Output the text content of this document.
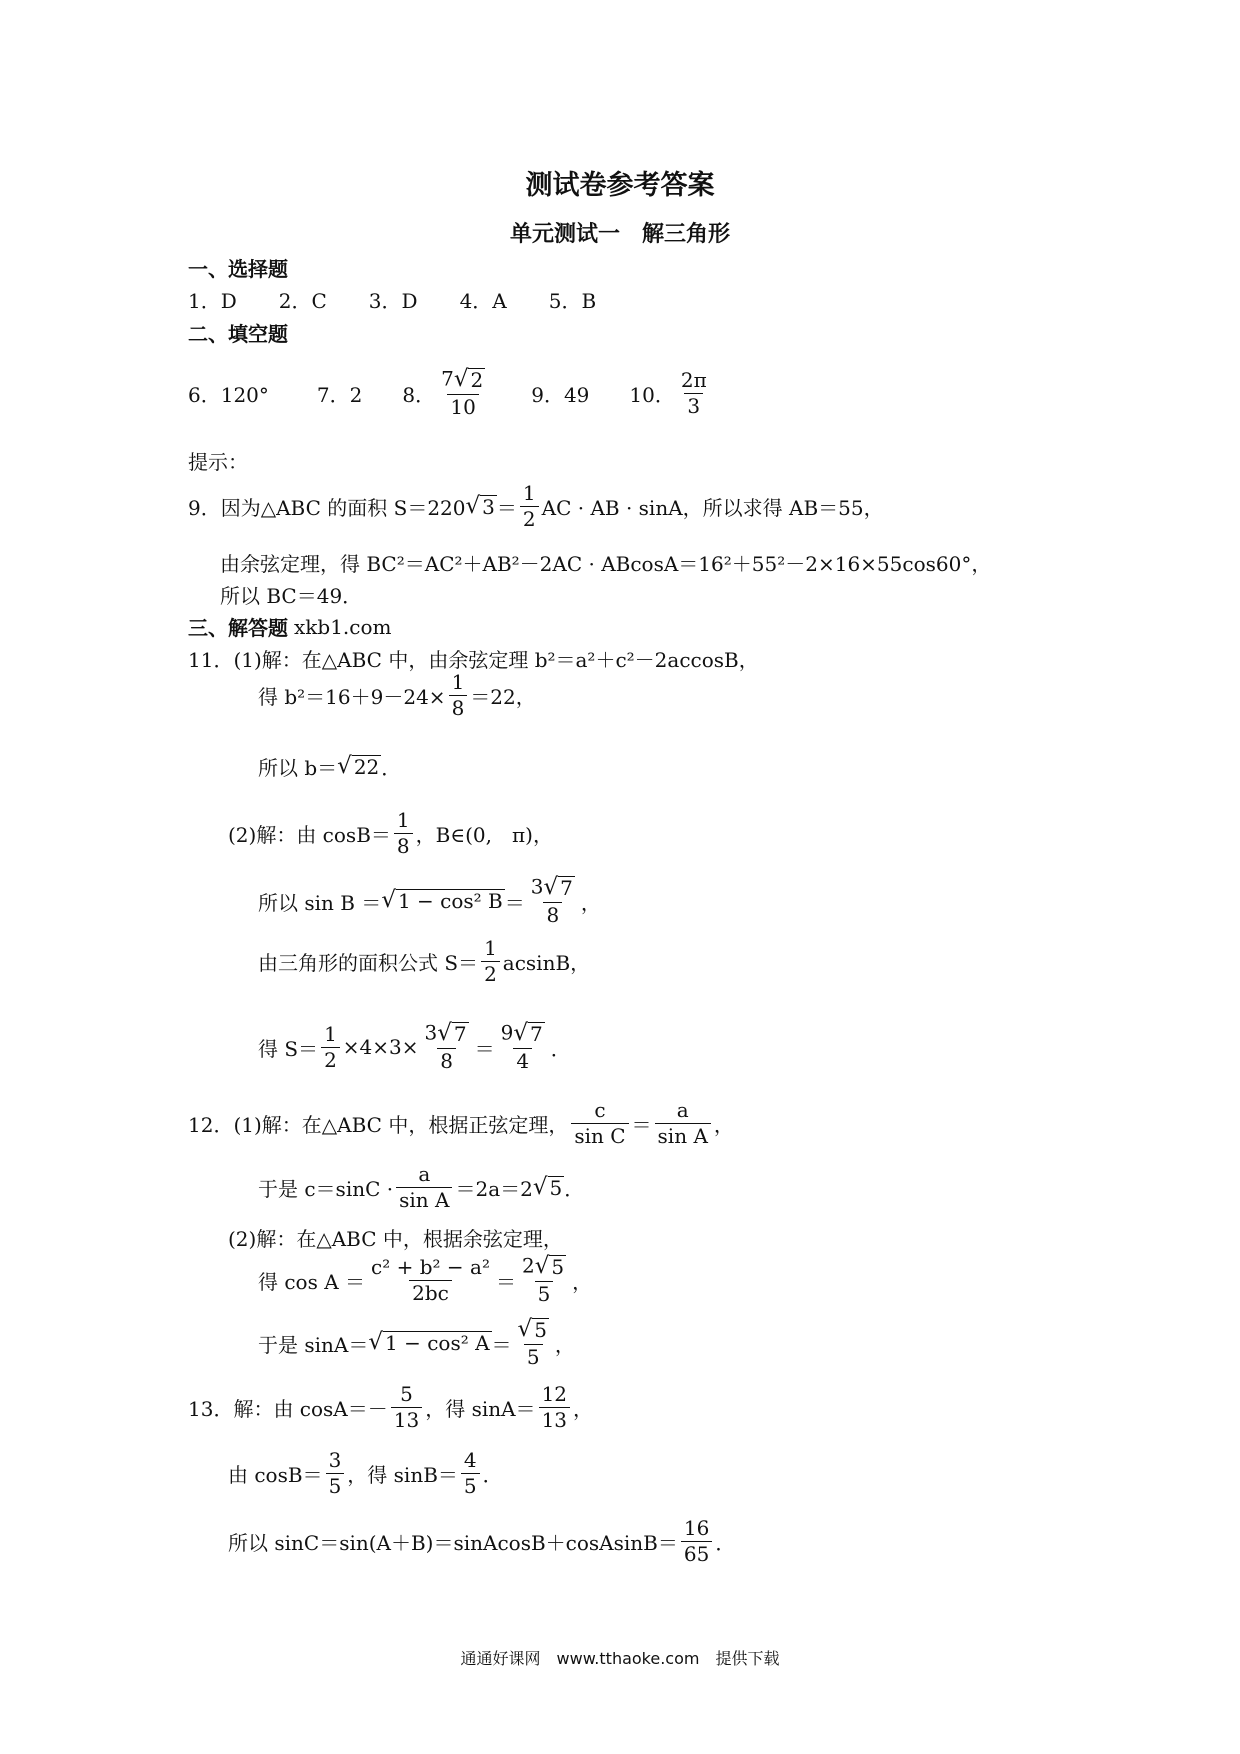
测试卷参考答案
单元测试一　解三角形
一、选择题
1．D 2．C 3．D 4．A 5．B
二、填空题
6．120° 7．2 8． $\frac{7 √ 2}{10} 9$．49 10． $\frac{2\pi}{3}$
提示：
9．因为△ABC 的面积 S＝220 √ $3 = \frac{1}{2}$ AC · AB · sinA，所以求得 AB＝55，
由余弦定理，得 BC²＝AC²＋AB²－2AC · ABcosA＝16²＋55²－2×16×55cos60°，
所以 BC＝49．
三、解答题 xkb1.com
11．(1)解：在△ABC 中，由余弦定理 b²＝a²＋c²－2accosB，
得 $b^2=16+9-24\times \frac{1}{8} =22$，
所以 b＝ √ 22 ．
(2)解：由 $\cos B= \frac{1}{8}$ ，B∈(0,　π)，
所以 sin B ＝ √ 1 − cos² $B = \frac{3 √ 7}{8}$ ，
由三角形的面积公式 $S= \frac{1}{2}$ acsinB，
得 $S= \frac{1}{2} \times 4\times 3\times \frac{3 √ 7}{8} = \frac{9 √ 7}{4}$ ．
12．(1)解：在△ABC 中，根据正弦定理， $\frac{c}{\text{sin C}} = \frac{a}{\text{sin A}}$ ，
于是 $c=\sin C \cdot \frac{a}{\text{sin A}} =2a=2$ √ 5 ．
(2)解：在△ABC 中，根据余弦定理，
得 $\cos A = \frac{\text{c² + b² − a²}}{2bc} = \frac{2 √ 5}{5}$ ，
于是 sinA＝ √ 1 − cos² $A = \frac{√ 5}{5}$ ，
13．解：由 $\cos A=- \frac{5}{13}$ ，得 $\sin A= \frac{12}{13}$ ，
由 $\cos B= \frac{3}{5}$ ，得 $\sin B= \frac{4}{5}$ ．
所以 sinC＝sin(A＋B)＝sinAcosB＋cosAsinB＝ $\frac{16}{65}$ ．
通通好课网　www.tthaoke.com　提供下载
